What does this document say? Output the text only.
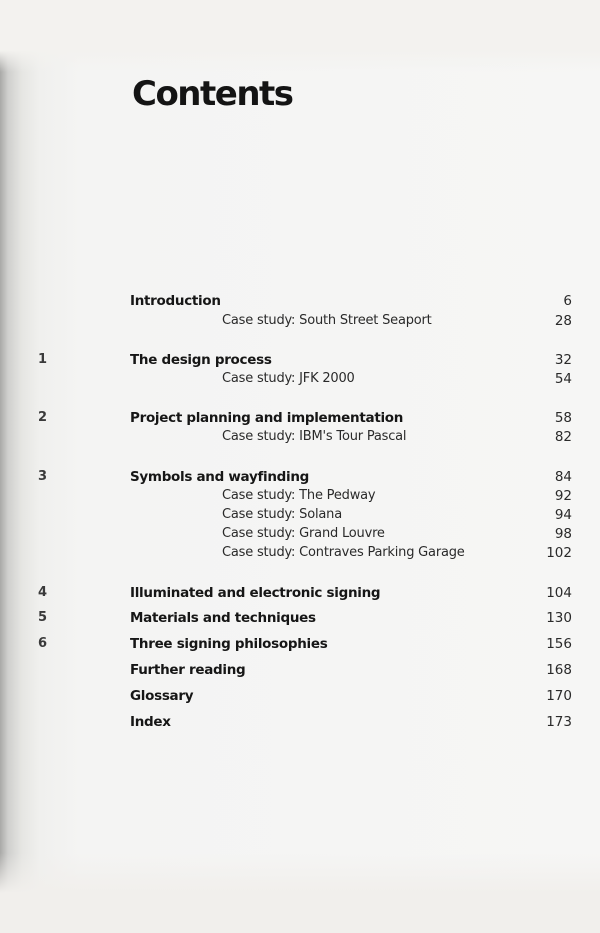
Contents
Introduction	6
Case study: South Street Seaport	28
1	The design process	32
Case study: JFK 2000	54
2	Project planning and implementation	58
Case study: IBM's Tour Pascal	82
3	Symbols and wayfinding	84
Case study: The Pedway	92
Case study: Solana	94
Case study: Grand Louvre	98
Case study: Contraves Parking Garage	102
4	Illuminated and electronic signing	104
5	Materials and techniques	130
6	Three signing philosophies	156
Further reading	168
Glossary	170
Index	173
